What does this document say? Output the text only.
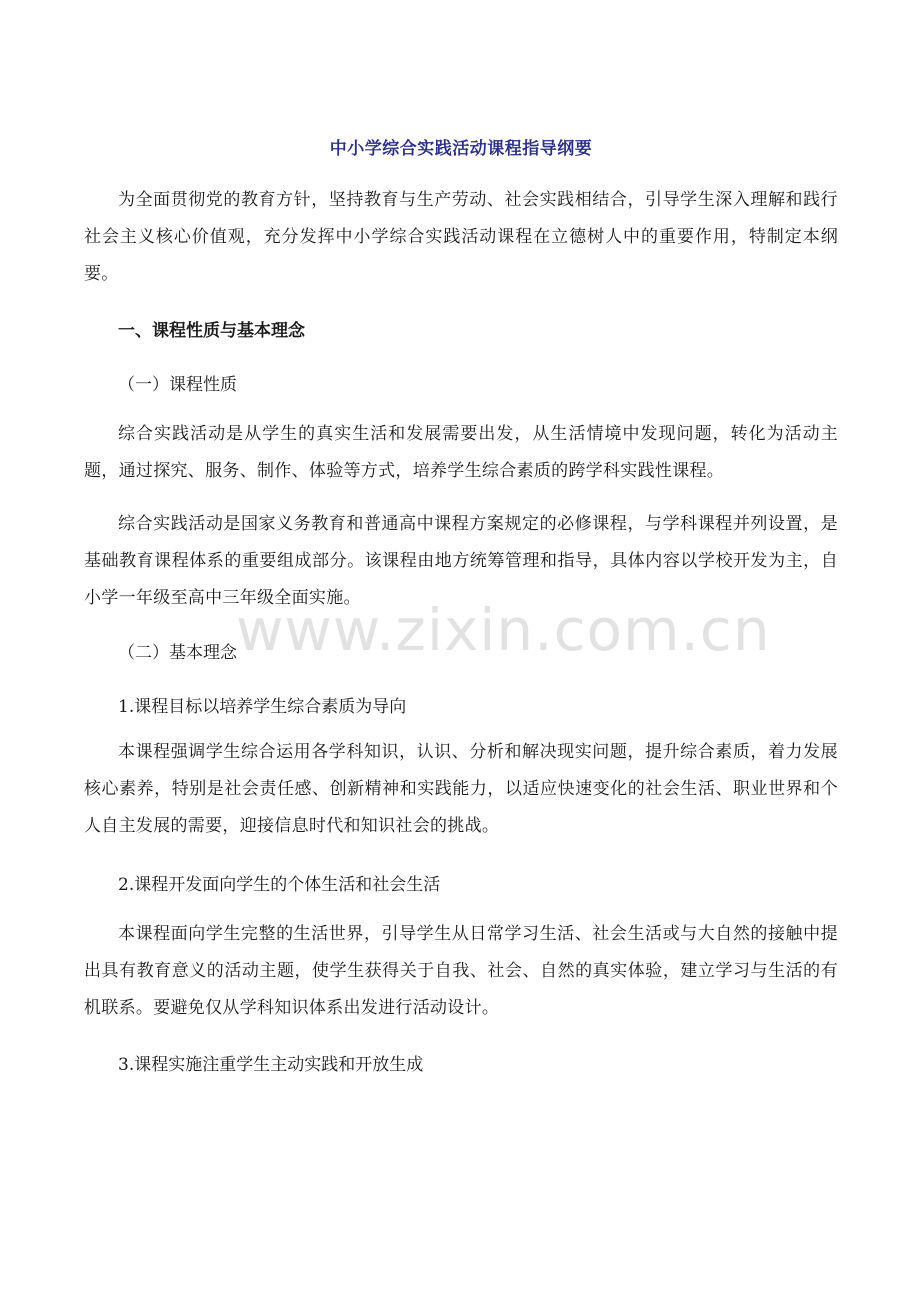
中小学综合实践活动课程指导纲要
为全面贯彻党的教育方针，坚持教育与生产劳动、社会实践相结合，引导学生深入理解和践行社会主义核心价值观，充分发挥中小学综合实践活动课程在立德树人中的重要作用，特制定本纲要。
一、课程性质与基本理念
（一）课程性质
综合实践活动是从学生的真实生活和发展需要出发，从生活情境中发现问题，转化为活动主题，通过探究、服务、制作、体验等方式，培养学生综合素质的跨学科实践性课程。
综合实践活动是国家义务教育和普通高中课程方案规定的必修课程，与学科课程并列设置，是基础教育课程体系的重要组成部分。该课程由地方统筹管理和指导，具体内容以学校开发为主，自小学一年级至高中三年级全面实施。
（二）基本理念
1.课程目标以培养学生综合素质为导向
本课程强调学生综合运用各学科知识，认识、分析和解决现实问题，提升综合素质，着力发展核心素养，特别是社会责任感、创新精神和实践能力，以适应快速变化的社会生活、职业世界和个人自主发展的需要，迎接信息时代和知识社会的挑战。
2.课程开发面向学生的个体生活和社会生活
本课程面向学生完整的生活世界，引导学生从日常学习生活、社会生活或与大自然的接触中提出具有教育意义的活动主题，使学生获得关于自我、社会、自然的真实体验，建立学习与生活的有机联系。要避免仅从学科知识体系出发进行活动设计。
3.课程实施注重学生主动实践和开放生成
www.zixin.com.cn
